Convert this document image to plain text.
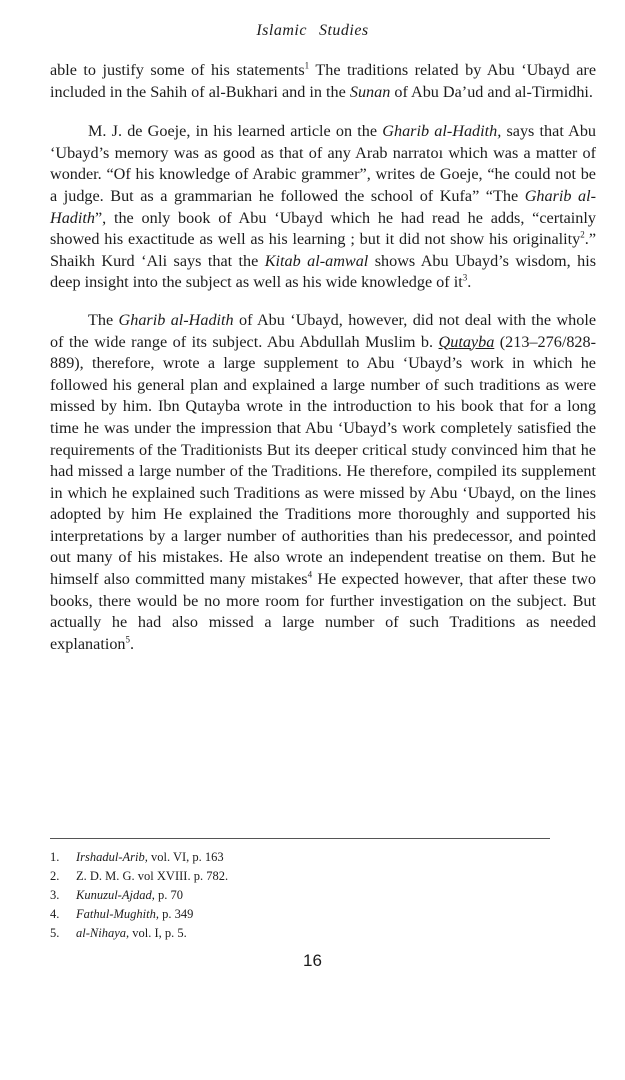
Islamic Studies

able to justify some of his statements$^1$ The traditions related by Abu ‘Ubayd are included in the Sahih of al-Bukhari and in the Sunan of Abu Da’ud and al-Tirmidhi.

M. J. de Goeje, in his learned article on the Gharib al-Hadith, says that Abu ‘Ubayd’s memory was as good as that of any Arab narratoı which was a matter of wonder. “Of his knowledge of Arabic grammer”, writes de Goeje, “he could not be a judge. But as a grammarian he followed the school of Kufa” “The Gharib al-Hadith”, the only book of Abu ‘Ubayd which he had read he adds, “certainly showed his exactitude as well as his learning ; but it did not show his originality$^2$.” Shaikh Kurd ‘Ali says that the Kitab al-amwal shows Abu Ubayd’s wisdom, his deep insight into the subject as well as his wide knowledge of $it^3$.

The Gharib al-Hadith of Abu ‘Ubayd, however, did not deal with the whole of the wide range of its subject. Abu Abdullah Muslim b. Qutayba (213–276/828-889), therefore, wrote a large supplement to Abu ‘Ubayd’s work in which he followed his general plan and explained a large number of such traditions as were missed by him. Ibn Qutayba wrote in the introduction to his book that for a long time he was under the impression that Abu ‘Ubayd’s work completely satisfied the requirements of the Traditionists But its deeper critical study convinced him that he had missed a large number of the Traditions. He therefore, compiled its supplement in which he explained such Traditions as were missed by Abu ‘Ubayd, on the lines adopted by him He explained the Traditions more thoroughly and supported his interpretations by a larger number of authorities than his predecessor, and pointed out many of his mistakes. He also wrote an independent treatise on them. But he himself also committed many mistakes$^4$ He expected however, that after these two books, there would be no more room for further investigation on the subject. But actually he had also missed a large number of such Traditions as needed explanation$^5$.

1.	Irshadul-Arib, vol. VI, p. 163
2.	Z. D. M. G. vol XVIII. p. 782.
3.	Kunuzul-Ajdad, p. 70
4.	Fathul-Mughith, p. 349
5.	al-Nihaya, vol. I, p. 5.
16
